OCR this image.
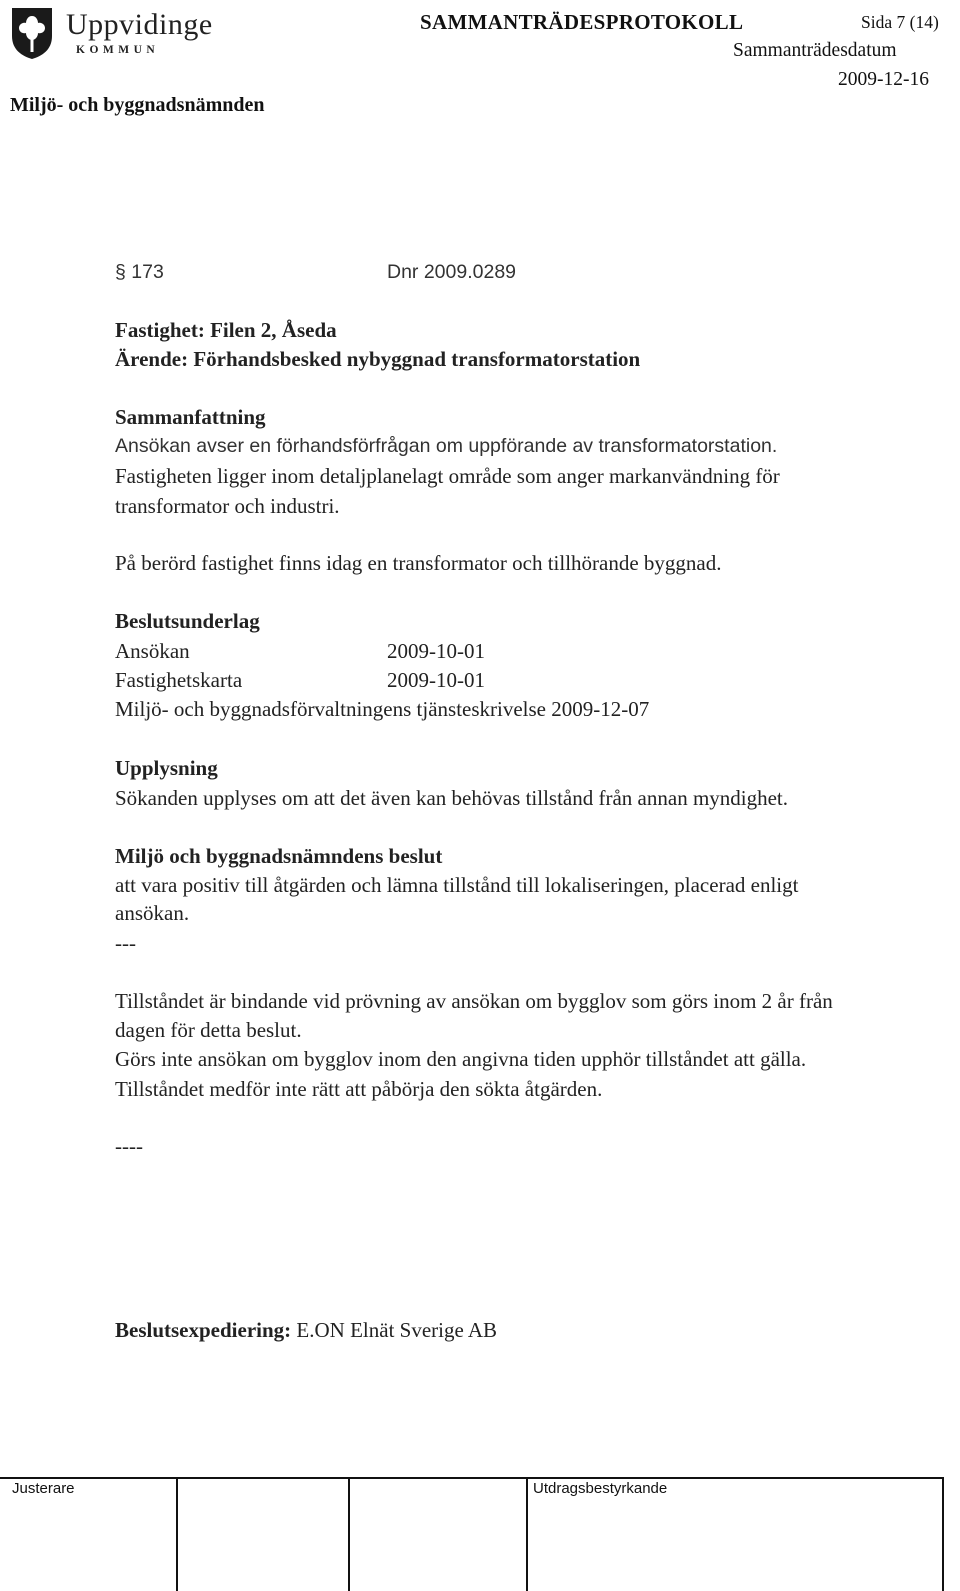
Uppvidinge
KOMMUN
SAMMANTRÄDESPROTOKOLL	Sida 7 (14)
Sammanträdesdatum
2009-12-16
Miljö- och byggnadsnämnden
§ 173	Dnr 2009.0289
Fastighet: Filen 2, Åseda
Ärende: Förhandsbesked nybyggnad transformatorstation
Sammanfattning
Ansökan avser en förhandsförfrågan om uppförande av transformatorstation.
Fastigheten ligger inom detaljplanelagt område som anger markanvändning för
transformator och industri.
På berörd fastighet finns idag en transformator och tillhörande byggnad.
Beslutsunderlag
Ansökan	2009-10-01
Fastighetskarta	2009-10-01
Miljö- och byggnadsförvaltningens tjänsteskrivelse 2009-12-07
Upplysning
Sökanden upplyses om att det även kan behövas tillstånd från annan myndighet.
Miljö och byggnadsnämndens beslut
att vara positiv till åtgärden och lämna tillstånd till lokaliseringen, placerad enligt
ansökan.
---
Tillståndet är bindande vid prövning av ansökan om bygglov som görs inom 2 år från
dagen för detta beslut.
Görs inte ansökan om bygglov inom den angivna tiden upphör tillståndet att gälla.
Tillståndet medför inte rätt att påbörja den sökta åtgärden.
----
Beslutsexpediering: E.ON Elnät Sverige AB
Justerare	Utdragsbestyrkande
